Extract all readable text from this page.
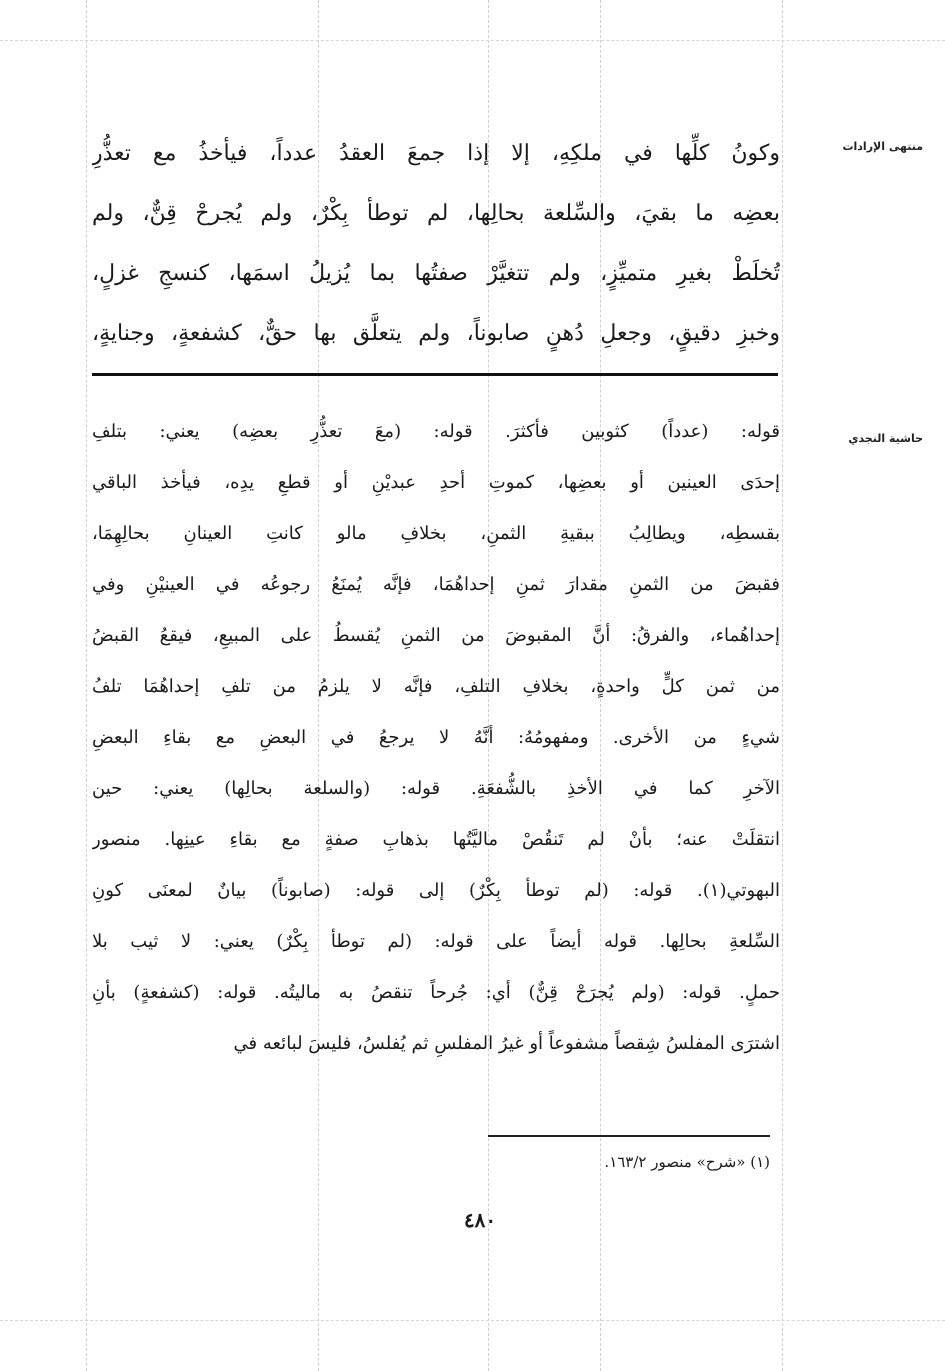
منتهى الإرادات
حاشية النجدي
وكونُ كلِّها في ملكِهِ، إلا إذا جمعَ العقدُ عدداً، فيأخذُ مع تعذُّرِ
بعضِه ما بقيَ، والسِّلعة بحالِها، لم توطأ بِكْرٌ، ولم يُجرحْ قِنٌّ، ولم
تُخلَطْ بغيرِ متميِّزٍ، ولم تتغيَّرْ صفتُها بما يُزيلُ اسمَها، كنسجِ غزلٍ،
وخبزِ دقيقٍ، وجعلِ دُهنٍ صابوناً، ولم يتعلَّق بها حقٌّ، كشفعةٍ، وجنايةٍ،
قوله: (عدداً) كثوبين فأكثرَ. قوله: (معَ تعذُّرِ بعضِه) يعني: بتلفِ
إحدَى العينين أو بعضِها، كموتِ أحدِ عبديْنِ أو قطعِ يدِه، فيأخذ الباقي
بقسطِه، ويطالِبُ ببقيةِ الثمنِ، بخلافِ مالو كانتِ العينانِ بحالِهِمَا،
فقبضَ من الثمنِ مقدارَ ثمنِ إحداهُمَا، فإنَّه يُمنَعُ رجوعُه في العينيْنِ وفي
إحداهُماء، والفرقُ: أنَّ المقبوضَ من الثمنِ يُقسطُ على المبيعِ، فيقعُ القبضُ
من ثمن كلٍّ واحدةٍ، بخلافِ التلفِ، فإنَّه لا يلزمُ من تلفِ إحداهُمَا تلفُ
شيءٍ من الأخرى. ومفهومُهُ: أنَّهُ لا يرجعُ في البعضِ مع بقاءِ البعضِ
الآخرِ كما في الأخذِ بالشُّفعَةِ. قوله: (والسلعة بحالِها) يعني: حين
انتقلَتْ عنه؛ بأنْ لم تَنقُصْ ماليَّتُها بذهابِ صفةٍ مع بقاءِ عينِها. منصور
البهوتي(١). قوله: (لم توطأ بِكْرٌ) إلى قوله: (صابوناً) بيانٌ لمعنَى كونِ
السِّلعةِ بحالِها. قوله أيضاً على قوله: (لم توطأ بِكْرٌ) يعني: لا ثيب بلا
حملٍ. قوله: (ولم يُجرَحْ قِنٌّ) أي: جُرحاً تنقصُ به ماليتُه. قوله: (كشفعةٍ) بأنِ
اشترَى المفلسُ شِقصاً مشفوعاً أو غيرُ المفلسِ ثم يُفلسُ، فليسَ لبائعه في
(١) «شرح» منصور ١٦٣/٢.
٤٨٠
